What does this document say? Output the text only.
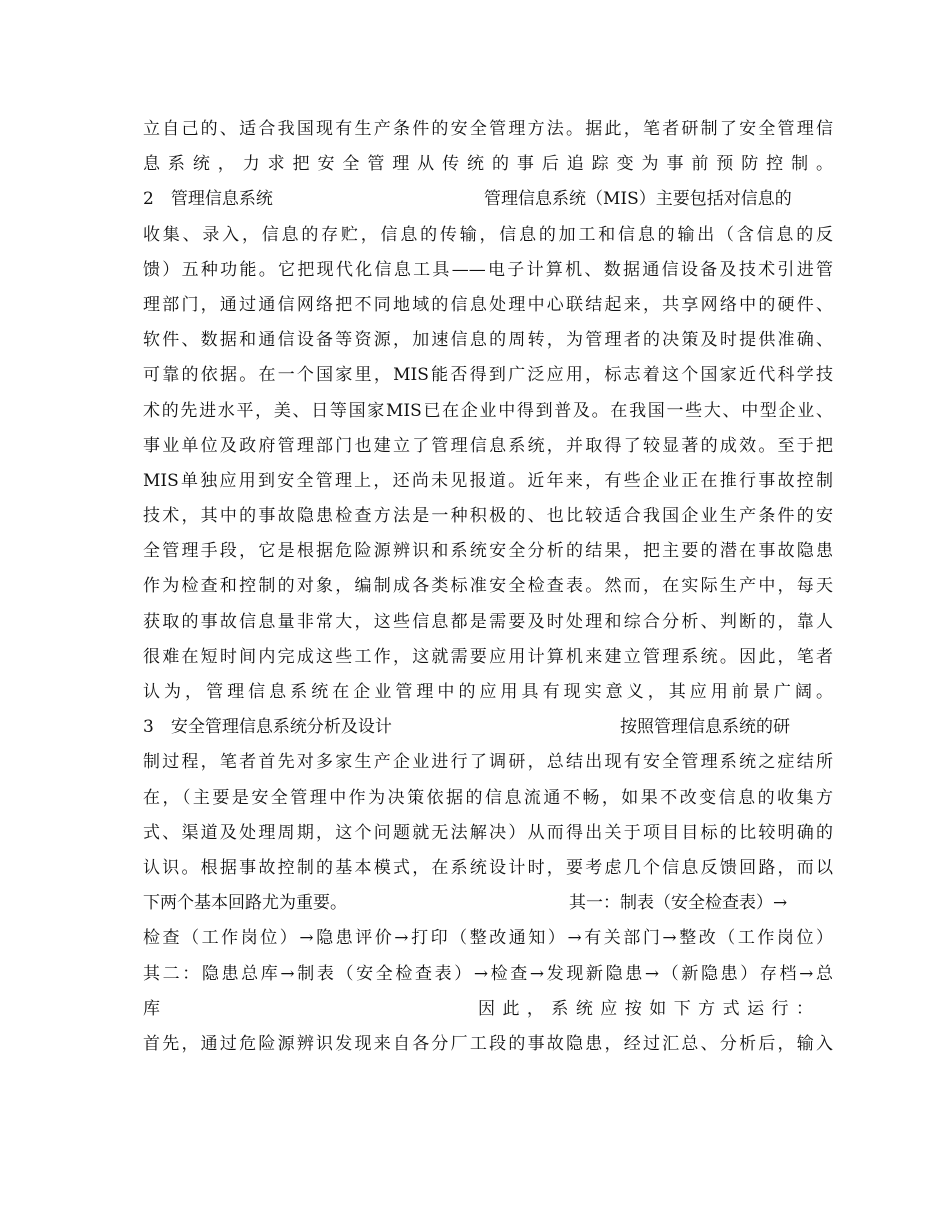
立自己的、适合我国现有生产条件的安全管理方法。据此，笔者研制了安全管理信
息系统，力求把安全管理从传统的事后追踪变为事前预防控制。
2　管理信息系统	管理信息系统（MIS）主要包括对信息的
收集、录入，信息的存贮，信息的传输，信息的加工和信息的输出（含信息的反
馈）五种功能。它把现代化信息工具——电子计算机、数据通信设备及技术引进管
理部门，通过通信网络把不同地域的信息处理中心联结起来，共享网络中的硬件、
软件、数据和通信设备等资源，加速信息的周转，为管理者的决策及时提供准确、
可靠的依据。在一个国家里，MIS能否得到广泛应用，标志着这个国家近代科学技
术的先进水平，美、日等国家MIS已在企业中得到普及。在我国一些大、中型企业、
事业单位及政府管理部门也建立了管理信息系统，并取得了较显著的成效。至于把
MIS单独应用到安全管理上，还尚未见报道。近年来，有些企业正在推行事故控制
技术，其中的事故隐患检查方法是一种积极的、也比较适合我国企业生产条件的安
全管理手段，它是根据危险源辨识和系统安全分析的结果，把主要的潜在事故隐患
作为检查和控制的对象，编制成各类标准安全检查表。然而，在实际生产中，每天
获取的事故信息量非常大，这些信息都是需要及时处理和综合分析、判断的，靠人
很难在短时间内完成这些工作，这就需要应用计算机来建立管理系统。因此，笔者
认为，管理信息系统在企业管理中的应用具有现实意义，其应用前景广阔。
3　安全管理信息系统分析及设计	按照管理信息系统的研
制过程，笔者首先对多家生产企业进行了调研，总结出现有安全管理系统之症结所
在，（主要是安全管理中作为决策依据的信息流通不畅，如果不改变信息的收集方
式、渠道及处理周期，这个问题就无法解决）从而得出关于项目目标的比较明确的
认识。根据事故控制的基本模式，在系统设计时，要考虑几个信息反馈回路，而以
下两个基本回路尤为重要。	其一：制表（安全检查表）→
检查（工作岗位）→隐患评价→打印（整改通知）→有关部门→整改（工作岗位）
其二：隐患总库→制表（安全检查表）→检查→发现新隐患→（新隐患）存档→总
库	因此，系统应按如下方式运行：
首先，通过危险源辨识发现来自各分厂工段的事故隐患，经过汇总、分析后，输入
